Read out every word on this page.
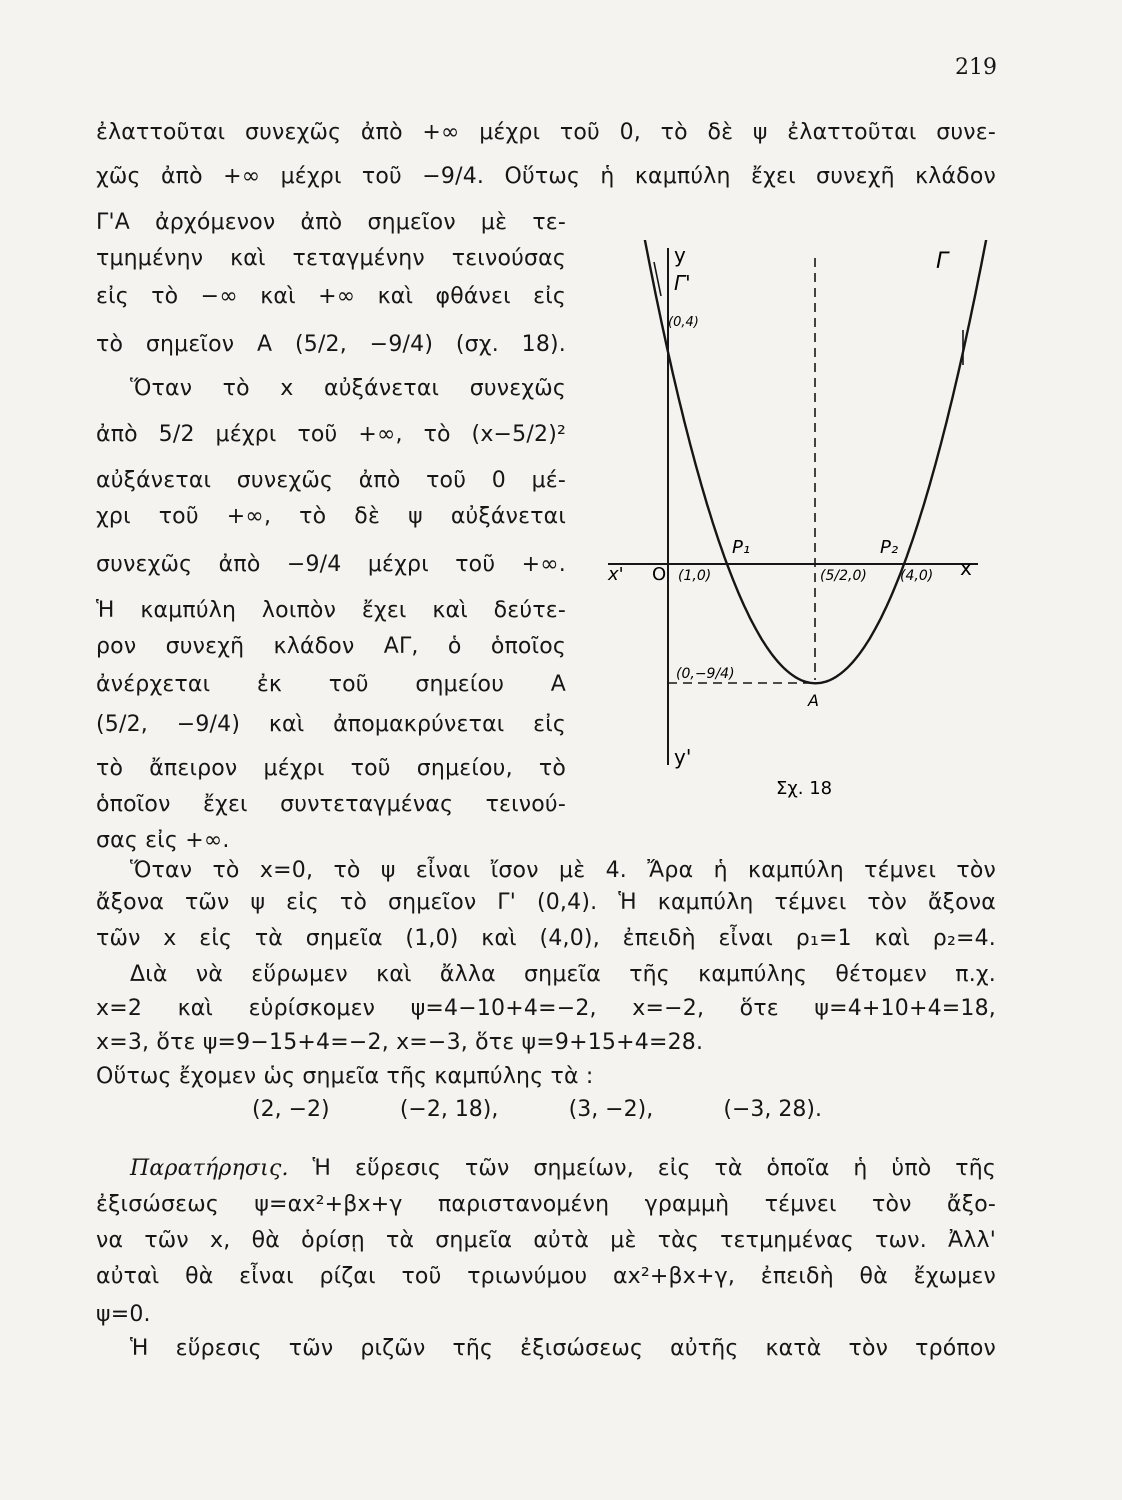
219
ἐλαττοῦται συνεχῶς ἀπὸ +∞ μέχρι τοῦ 0, τὸ δὲ ψ ἐλαττοῦται συνε-
χῶς ἀπὸ +∞ μέχρι τοῦ −9/4. Οὕτως ἡ καμπύλη ἔχει συνεχῆ κλάδον
Γ'Α ἀρχόμενον ἀπὸ σημεῖον μὲ τε-
τμημένην καὶ τεταγμένην τεινούσας
εἰς τὸ −∞ καὶ +∞ καὶ φθάνει εἰς
τὸ σημεῖον Α (5/2, −9/4) (σχ. 18).
Ὅταν τὸ x αὐξάνεται συνεχῶς
ἀπὸ 5/2 μέχρι τοῦ +∞, τὸ (x−5/2)²
αὐξάνεται συνεχῶς ἀπὸ τοῦ 0 μέ-
χρι τοῦ +∞, τὸ δὲ ψ αὐξάνεται
συνεχῶς ἀπὸ −9/4 μέχρι τοῦ +∞.
Ἡ καμπύλη λοιπὸν ἔχει καὶ δεύτε-
ρον συνεχῆ κλάδον ΑΓ, ὁ ὁποῖος
ἀνέρχεται ἐκ τοῦ σημείου Α
(5/2, −9/4) καὶ ἀπομακρύνεται εἰς
τὸ ἄπειρον μέχρι τοῦ σημείου, τὸ
ὁποῖον ἔχει συντεταγμένας τεινού-
σας εἰς +∞.
Ὅταν τὸ x=0, τὸ ψ εἶναι ἴσον μὲ 4. Ἄρα ἡ καμπύλη τέμνει τὸν
ἄξονα τῶν ψ εἰς τὸ σημεῖον Γ' (0,4). Ἡ καμπύλη τέμνει τὸν ἄξονα
τῶν x εἰς τὰ σημεῖα (1,0) καὶ (4,0), ἐπειδὴ εἶναι ρ₁=1 καὶ ρ₂=4.
Διὰ νὰ εὕρωμεν καὶ ἄλλα σημεῖα τῆς καμπύλης θέτομεν π.χ.
x=2 καὶ εὑρίσκομεν ψ=4−10+4=−2, x=−2, ὅτε ψ=4+10+4=18,
x=3, ὅτε ψ=9−15+4=−2, x=−3, ὅτε ψ=9+15+4=28.
Οὕτως ἔχομεν ὡς σημεῖα τῆς καμπύλης τὰ :
(2, −2)	(−2, 18),	(3, −2),	(−3, 28).
Παρατήρησις. Ἡ εὕρεσις τῶν σημείων, εἰς τὰ ὁποῖα ἡ ὑπὸ τῆς
ἐξισώσεως ψ=αx²+βx+γ παριστανομένη γραμμὴ τέμνει τὸν ἄξο-
να τῶν x, θὰ ὁρίσῃ τὰ σημεῖα αὐτὰ μὲ τὰς τετμημένας των. Ἀλλ'
αὐταὶ θὰ εἶναι ρίζαι τοῦ τριωνύμου αx²+βx+γ, ἐπειδὴ θὰ ἔχωμεν
ψ=0.
Ἡ εὕρεσις τῶν ριζῶν τῆς ἐξισώσεως αὐτῆς κατὰ τὸν τρόπον
y
y'
x
x' O
Γ'
Γ
(0,4)
P₁	P₂
(1,0)	(5/2,0) (4,0)
(0,−9/4)
A
Σχ. 18
